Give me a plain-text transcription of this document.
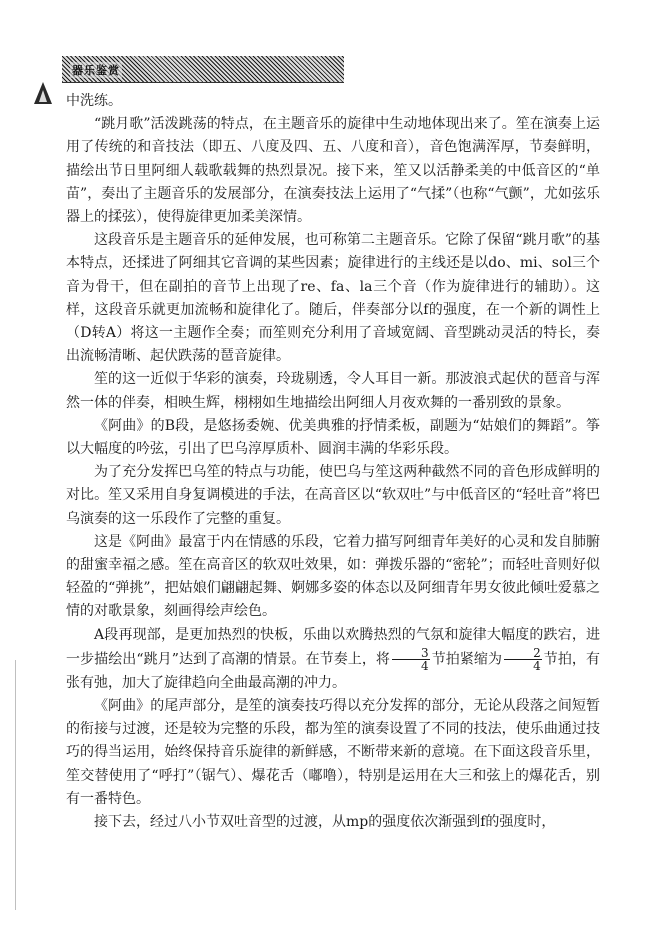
器乐鉴赏

中洗练。

“跳月歌”活泼跳荡的特点，在主题音乐的旋律中生动地体现出来了。笙在演奏上运用了传统的和音技法（即五、八度及四、五、八度和音），音色饱满浑厚，节奏鲜明，描绘出节日里阿细人载歌载舞的热烈景况。接下来，笙又以活静柔美的中低音区的“单苗”，奏出了主题音乐的发展部分，在演奏技法上运用了“气揉”（也称“气颤”，尤如弦乐器上的揉弦），使得旋律更加柔美深情。

这段音乐是主题音乐的延伸发展，也可称第二主题音乐。它除了保留“跳月歌”的基本特点，还揉进了阿细其它音调的某些因素；旋律进行的主线还是以do、mi、sol三个音为骨干，但在副拍的音节上出现了re、fa、la三个音（作为旋律进行的辅助）。这样，这段音乐就更加流畅和旋律化了。随后，伴奏部分以f的强度，在一个新的调性上（D转A）将这一主题作全奏；而笙则充分利用了音域宽阔、音型跳动灵活的特长，奏出流畅清晰、起伏跌荡的琶音旋律。

笙的这一近似于华彩的演奏，玲珑剔透，令人耳目一新。那波浪式起伏的琶音与浑然一体的伴奏，相映生辉，栩栩如生地描绘出阿细人月夜欢舞的一番别致的景象。

《阿曲》的B段，是悠扬委婉、优美典雅的抒情柔板，副题为“姑娘们的舞蹈”。筝以大幅度的吟弦，引出了巴乌淳厚质朴、圆润丰满的华彩乐段。

为了充分发挥巴乌笙的特点与功能，使巴乌与笙这两种截然不同的音色形成鲜明的对比。笙又采用自身复调模进的手法，在高音区以“软双吐”与中低音区的“轻吐音”将巴乌演奏的这一乐段作了完整的重复。

这是《阿曲》最富于内在情感的乐段，它着力描写阿细青年美好的心灵和发自肺腑的甜蜜幸福之感。笙在高音区的软双吐效果，如：弹拨乐器的“密轮”；而轻吐音则好似轻盈的“弹挑”，把姑娘们翩翩起舞、婀娜多姿的体态以及阿细青年男女彼此倾吐爱慕之情的对歌景象，刻画得绘声绘色。

A段再现部，是更加热烈的快板，乐曲以欢腾热烈的气氛和旋律大幅度的跌宕，进一步描绘出“跳月”达到了高潮的情景。在节奏上，将 $\frac{3}{4}$ 节拍紧缩为 $\frac{2}{4}$ 节拍，有张有弛，加大了旋律趋向全曲最高潮的冲力。

《阿曲》的尾声部分，是笙的演奏技巧得以充分发挥的部分，无论从段落之间短暂的衔接与过渡，还是较为完整的乐段，都为笙的演奏设置了不同的技法，使乐曲通过技巧的得当运用，始终保持音乐旋律的新鲜感，不断带来新的意境。在下面这段音乐里，笙交替使用了“呼打”（锯气）、爆花舌（嘟噜），特别是运用在大三和弦上的爆花舌，别有一番特色。

接下去，经过八小节双吐音型的过渡，从mp的强度依次渐强到f的强度时，
